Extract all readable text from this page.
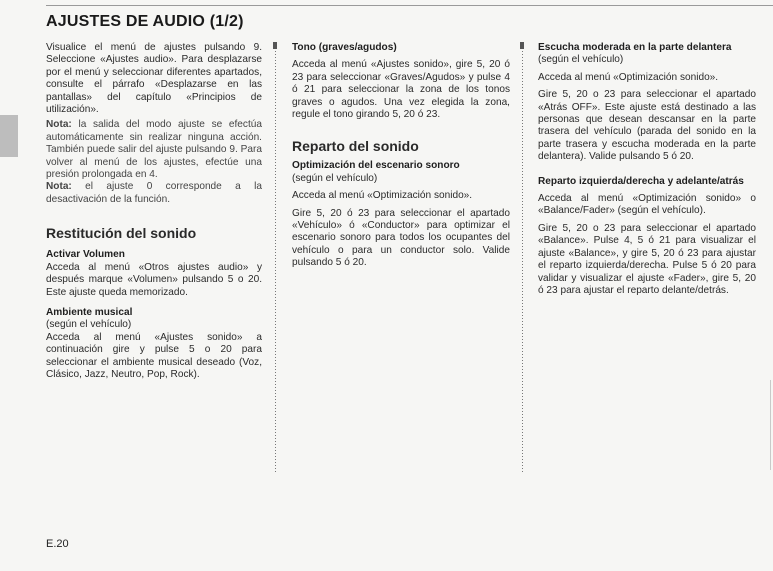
AJUSTES DE AUDIO (1/2)

Visualice el menú de ajustes pulsando 9. Seleccione «Ajustes audio». Para desplazarse por el menú y seleccionar diferentes apartados, consulte el párrafo «Desplazarse en las pantallas» del capítulo «Principios de utilización».

Nota: la salida del modo ajuste se efectúa automáticamente sin realizar ninguna acción. También puede salir del ajuste pulsando 9. Para volver al menú de los ajustes, efectúe una presión prolongada en 4.

Nota: el ajuste 0 corresponde a la desactivación de la función.

Restitución del sonido

Activar Volumen

Acceda al menú «Otros ajustes audio» y después marque «Volumen» pulsando 5 o 20. Este ajuste queda memorizado.

Ambiente musical

(según el vehículo)

Acceda al menú «Ajustes sonido» a continuación gire y pulse 5 o 20 para seleccionar el ambiente musical deseado (Voz, Clásico, Jazz, Neutro, Pop, Rock).

Tono (graves/agudos)

Acceda al menú «Ajustes sonido», gire 5, 20 ó 23 para seleccionar «Graves/Agudos» y pulse 4 ó 21 para seleccionar la zona de los tonos graves o agudos. Una vez elegida la zona, regule el tono girando 5, 20 ó 23.

Reparto del sonido

Optimización del escenario sonoro

(según el vehículo)

Acceda al menú «Optimización sonido».

Gire 5, 20 ó 23 para seleccionar el apartado «Vehículo» ó «Conductor» para optimizar el escenario sonoro para todos los ocupantes del vehículo o para un conductor solo. Valide pulsando 5 ó 20.

Escucha moderada en la parte delantera

(según el vehículo)

Acceda al menú «Optimización sonido».

Gire 5, 20 o 23 para seleccionar el apartado «Atrás OFF». Este ajuste está destinado a las personas que desean descansar en la parte trasera del vehículo (parada del sonido en la parte trasera y escucha moderada en la parte delantera). Valide pulsando 5 ó 20.

Reparto izquierda/derecha y adelante/atrás

Acceda al menú «Optimización sonido» o «Balance/Fader» (según el vehículo).

Gire 5, 20 o 23 para seleccionar el apartado «Balance». Pulse 4, 5 ó 21 para visualizar el ajuste «Balance», y gire 5, 20 ó 23 para ajustar el reparto izquierda/derecha. Pulse 5 ó 20 para validar y visualizar el ajuste «Fader», gire 5, 20 ó 23 para ajustar el reparto delante/detrás.

E.20
